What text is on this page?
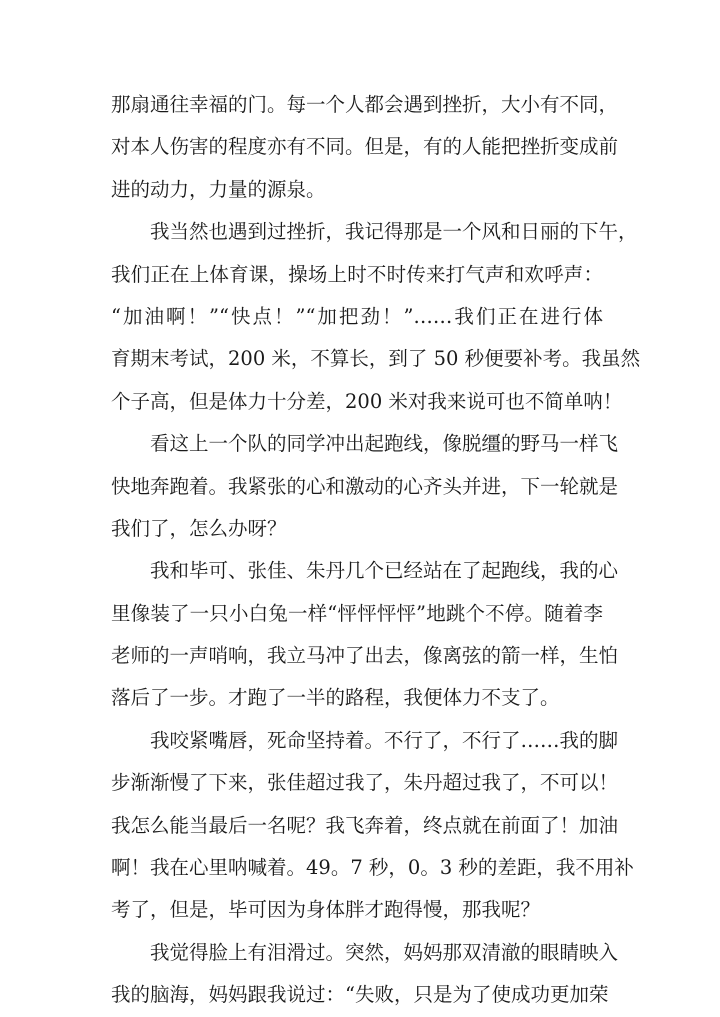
那扇通往幸福的门。每一个人都会遇到挫折，大小有不同，
对本人伤害的程度亦有不同。但是，有的人能把挫折变成前
进的动力，力量的源泉。
我当然也遇到过挫折，我记得那是一个风和日丽的下午，
我们正在上体育课，操场上时不时传来打气声和欢呼声：
“加油啊！”“快点！”“加把劲！”……我们正在进行体
育期末考试，200 米，不算长，到了 50 秒便要补考。我虽然
个子高，但是体力十分差，200 米对我来说可也不简单呐！
看这上一个队的同学冲出起跑线，像脱缰的野马一样飞
快地奔跑着。我紧张的心和激动的心齐头并进，下一轮就是
我们了，怎么办呀？
我和毕可、张佳、朱丹几个已经站在了起跑线，我的心
里像装了一只小白兔一样“怦怦怦怦”地跳个不停。随着李
老师的一声哨响，我立马冲了出去，像离弦的箭一样，生怕
落后了一步。才跑了一半的路程，我便体力不支了。
我咬紧嘴唇，死命坚持着。不行了，不行了……我的脚
步渐渐慢了下来，张佳超过我了，朱丹超过我了，不可以！
我怎么能当最后一名呢？我飞奔着，终点就在前面了！加油
啊！我在心里呐喊着。49。7 秒，0。3 秒的差距，我不用补
考了，但是，毕可因为身体胖才跑得慢，那我呢？
我觉得脸上有泪滑过。突然，妈妈那双清澈的眼睛映入
我的脑海，妈妈跟我说过：“失败，只是为了使成功更加荣
